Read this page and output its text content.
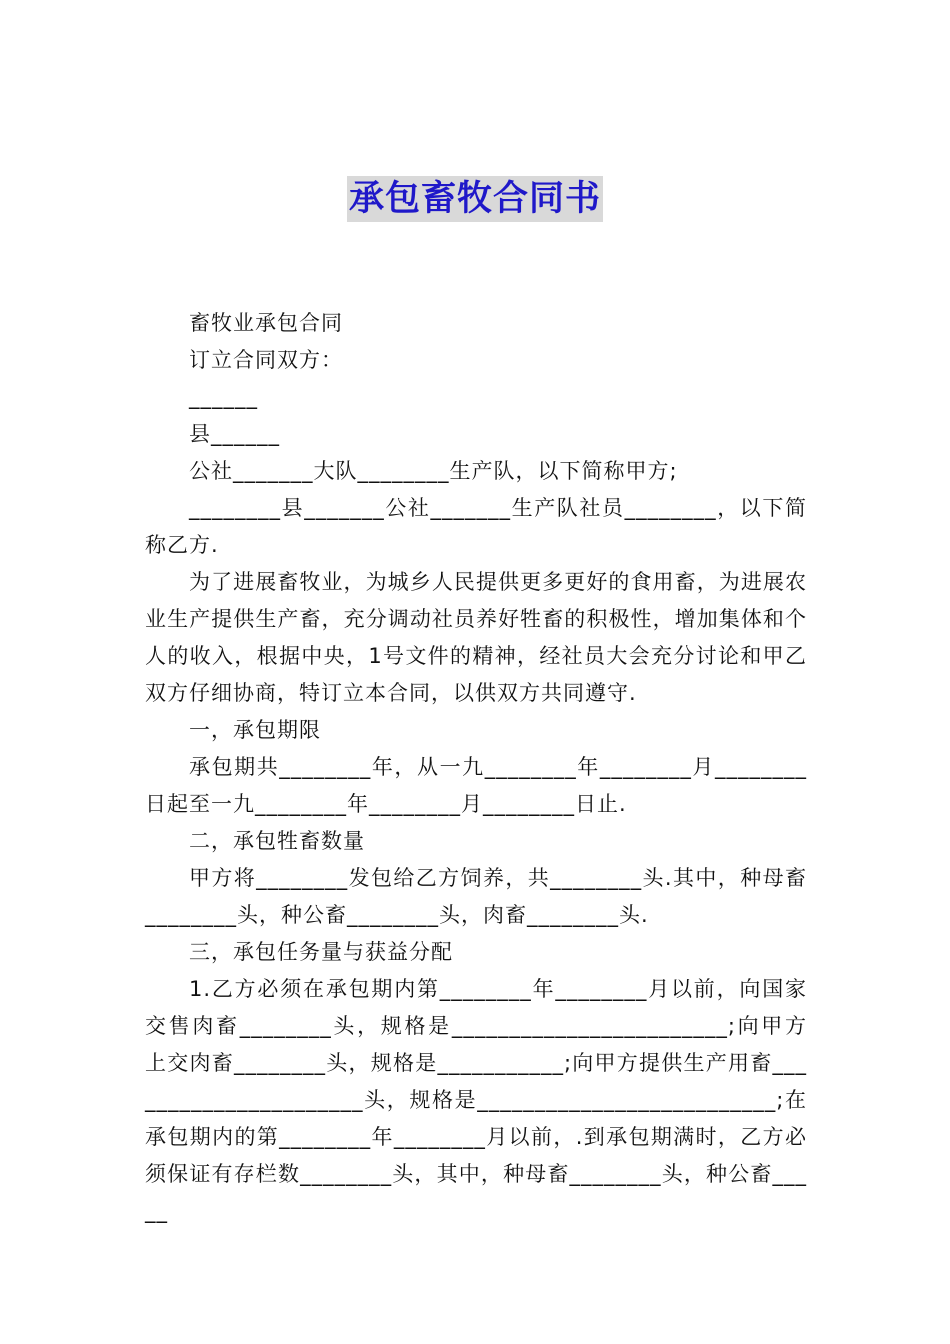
承包畜牧合同书

畜牧业承包合同

订立合同双方：

______

县______

公社_______大队________生产队，以下简称甲方;

________县_______公社_______生产队社员________，以下简称乙方.

为了进展畜牧业，为城乡人民提供更多更好的食用畜，为进展农业生产提供生产畜，充分调动社员养好牲畜的积极性，增加集体和个人的收入，根据中央，1号文件的精神，经社员大会充分讨论和甲乙双方仔细协商，特订立本合同，以供双方共同遵守.

一，承包期限

承包期共________年，从一九________年________月________日起至一九________年________月________日止.

二，承包牲畜数量

甲方将________发包给乙方饲养，共________头.其中，种母畜________头，种公畜________头，肉畜________头.

三，承包任务量与获益分配

1.乙方必须在承包期内第________年________月以前，向国家交售肉畜________头，规格是________________________;向甲方上交肉畜________头，规格是___________;向甲方提供生产用畜______________________头，规格是__________________________;在承包期内的第________年________月以前，.到承包期满时，乙方必须保证有存栏数________头，其中，种母畜________头，种公畜_____
